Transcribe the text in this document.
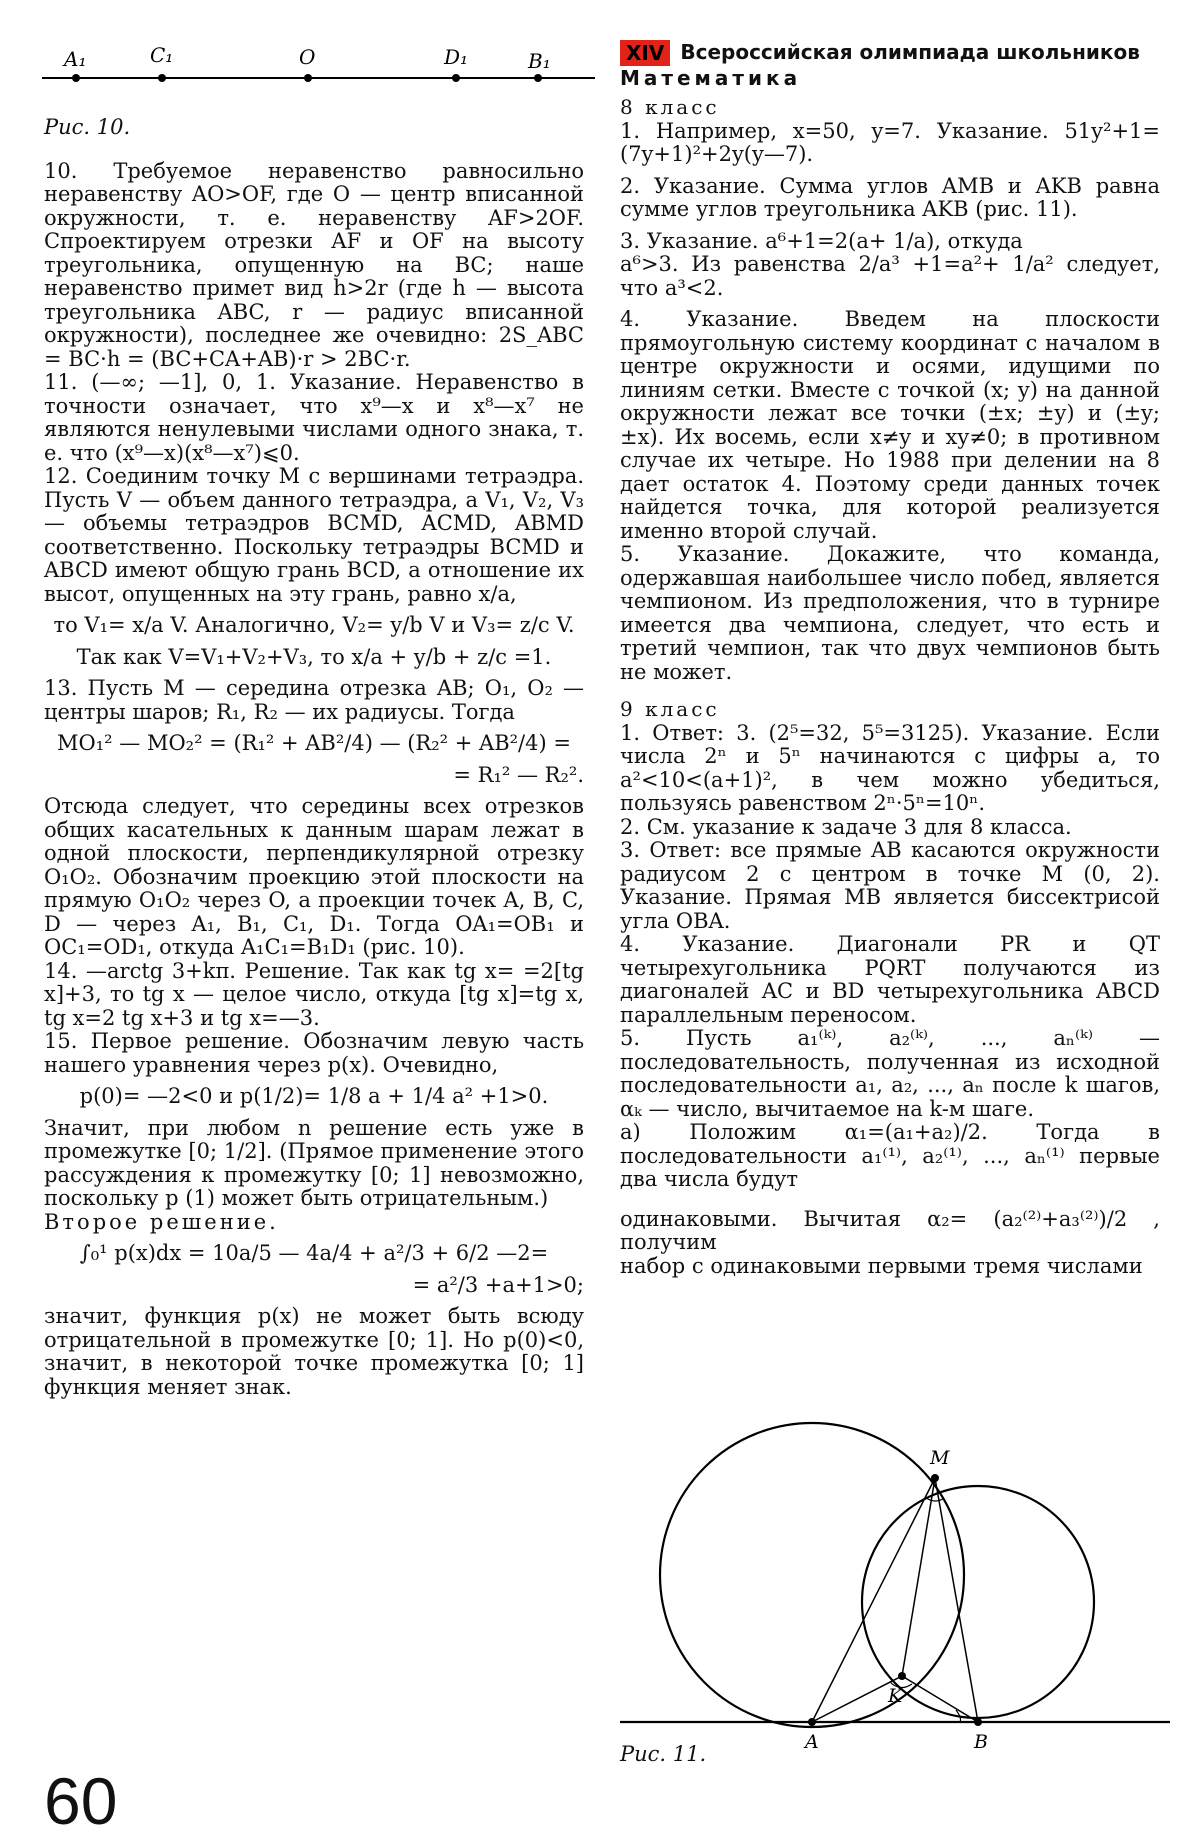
A₁	C₁	O	D₁	B₁
Рис. 10.

10. Требуемое неравенство равносильно неравенству AO>OF, где O — центр вписанной окружности, т. е. неравенству AF>2OF. Спроектируем отрезки AF и OF на высоту треугольника, опущенную на BC; наше неравенство примет вид h>2r (где h — высота треугольника ABC, r — радиус вписанной окружности), последнее же очевидно: 2S_ABC = BC·h = (BC+CA+AB)·r > 2BC·r.

11. (—∞; —1], 0, 1. Указание. Неравенство в точности означает, что x⁹—x и x⁸—x⁷ не являются ненулевыми числами одного знака, т. е. что (x⁹—x)(x⁸—x⁷)⩽0.

12. Соединим точку M с вершинами тетраэдра. Пусть V — объем данного тетраэдра, а V₁, V₂, V₃ — объемы тетраэдров BCMD, ACMD, ABMD соответственно. Поскольку тетраэдры BCMD и ABCD имеют общую грань BCD, а отношение их высот, опущенных на эту грань, равно x/a,

то V₁= x/a V. Аналогично, V₂= y/b V и V₃= z/c V.

Так как V=V₁+V₂+V₃, то x/a + y/b + z/c =1.

13. Пусть M — середина отрезка AB; O₁, O₂ — центры шаров; R₁, R₂ — их радиусы. Тогда

MO₁² — MO₂² = (R₁² + AB²/4) — (R₂² + AB²/4) =

= R₁² — R₂².

Отсюда следует, что середины всех отрезков общих касательных к данным шарам лежат в одной плоскости, перпендикулярной отрезку O₁O₂. Обозначим проекцию этой плоскости на прямую O₁O₂ через O, а проекции точек A, B, C, D — через A₁, B₁, C₁, D₁. Тогда OA₁=OB₁ и OC₁=OD₁, откуда A₁C₁=B₁D₁ (рис. 10).

14. —arctg 3+kπ. Решение. Так как tg x= =2[tg x]+3, то tg x — целое число, откуда [tg x]=tg x, tg x=2 tg x+3 и tg x=—3.

15. Первое решение. Обозначим левую часть нашего уравнения через p(x). Очевидно,

p(0)= —2<0 и p(1/2)= 1/8 a + 1/4 a² +1>0.

Значит, при любом n решение есть уже в промежутке [0; 1/2]. (Прямое применение этого рассуждения к промежутку [0; 1] невозможно, поскольку p (1) может быть отрицательным.)

Второе решение.

∫₀¹ p(x)dx = 10a/5 — 4a/4 + a²/3 + 6/2 —2=

= a²/3 +a+1>0;

значит, функция p(x) не может быть всюду отрицательной в промежутке [0; 1]. Но p(0)<0, значит, в некоторой точке промежутка [0; 1] функция меняет знак.

XIV Всероссийская олимпиада школьников
Математика
8 класс

1. Например, x=50, y=7. Указание. 51y²+1=(7y+1)²+2y(y—7).

2. Указание. Сумма углов AMB и AKB равна сумме углов треугольника AKB (рис. 11).

3. Указание. a⁶+1=2(a+ 1/a), откуда

a⁶>3. Из равенства 2/a³ +1=a²+ 1/a² следует, что a³<2.

4. Указание. Введем на плоскости прямоугольную систему координат с началом в центре окружности и осями, идущими по линиям сетки. Вместе с точкой (x; y) на данной окружности лежат все точки (±x; ±y) и (±y; ±x). Их восемь, если x≠y и xy≠0; в противном случае их четыре. Но 1988 при делении на 8 дает остаток 4. Поэтому среди данных точек найдется точка, для которой реализуется именно второй случай.

5. Указание. Докажите, что команда, одержавшая наибольшее число побед, является чемпионом. Из предположения, что в турнире имеется два чемпиона, следует, что есть и третий чемпион, так что двух чемпионов быть не может.

9 класс

1. Ответ: 3. (2⁵=32, 5⁵=3125). Указание. Если числа 2ⁿ и 5ⁿ начинаются с цифры a, то a²<10<(a+1)², в чем можно убедиться, пользуясь равенством 2ⁿ·5ⁿ=10ⁿ.

2. См. указание к задаче 3 для 8 класса.

3. Ответ: все прямые AB касаются окружности радиусом 2 с центром в точке M (0, 2). Указание. Прямая MB является биссектрисой угла OBA.

4. Указание. Диагонали PR и QT четырехугольника PQRT получаются из диагоналей AC и BD четырехугольника ABCD параллельным переносом.

5. Пусть a₁⁽ᵏ⁾, a₂⁽ᵏ⁾, ..., aₙ⁽ᵏ⁾ — последовательность, полученная из исходной последовательности a₁, a₂, ..., aₙ после k шагов, αₖ — число, вычитаемое на k-м шаге.

а) Положим α₁=(a₁+a₂)/2. Тогда в последовательности a₁⁽¹⁾, a₂⁽¹⁾, ..., aₙ⁽¹⁾ первые два числа будут

одинаковыми. Вычитая α₂= (a₂⁽²⁾+a₃⁽²⁾)/2 , получим

набор с одинаковыми первыми тремя числами

M
K
A	B
Рис. 11.
60
